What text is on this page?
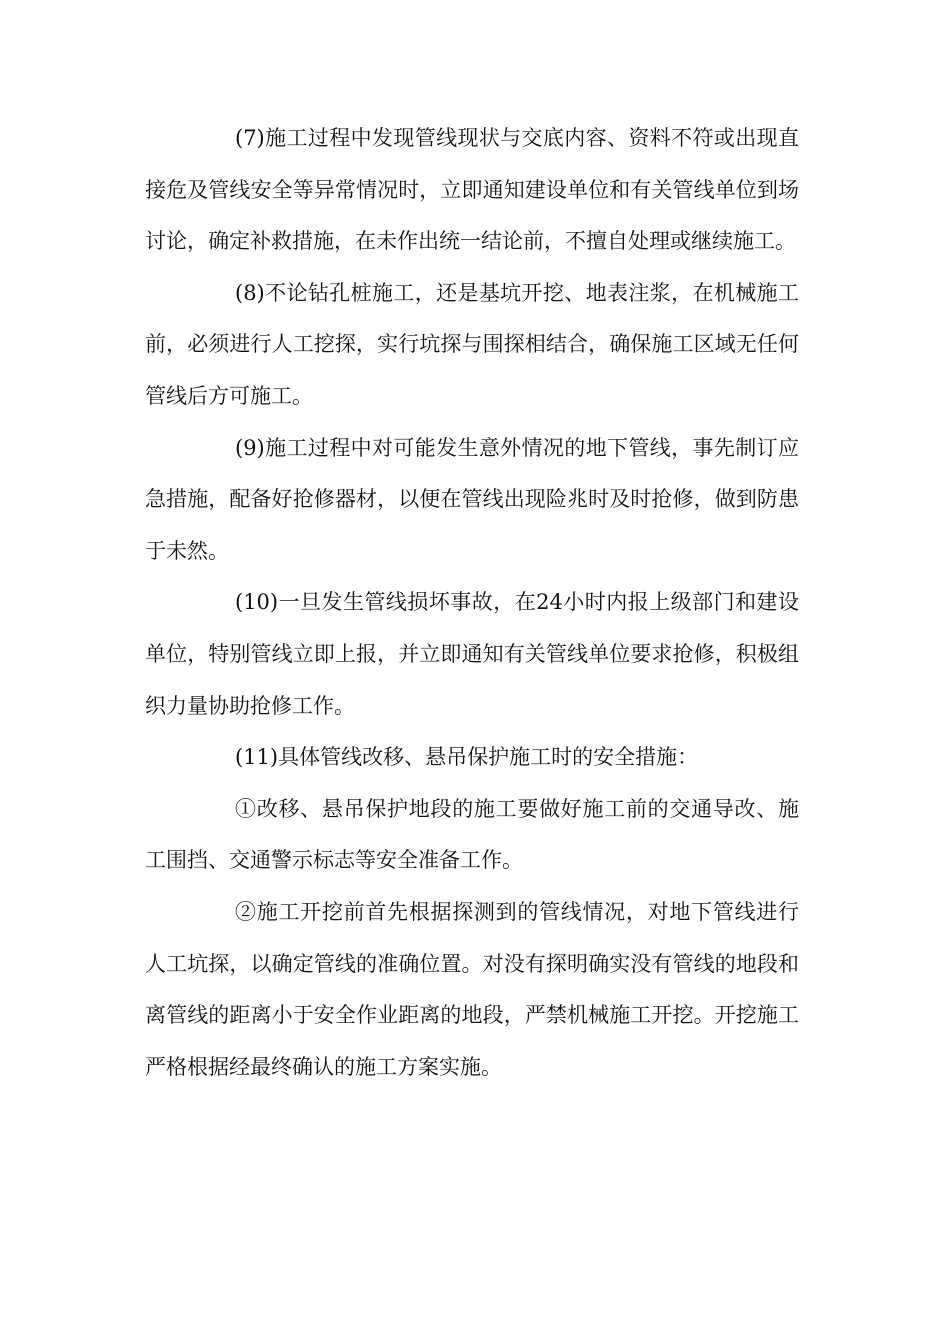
(7)施工过程中发现管线现状与交底内容、资料不符或出现直接危及管线安全等异常情况时，立即通知建设单位和有关管线单位到场讨论，确定补救措施，在未作出统一结论前，不擅自处理或继续施工。

(8)不论钻孔桩施工，还是基坑开挖、地表注浆，在机械施工前，必须进行人工挖探，实行坑探与围探相结合，确保施工区域无任何管线后方可施工。

(9)施工过程中对可能发生意外情况的地下管线，事先制订应急措施，配备好抢修器材，以便在管线出现险兆时及时抢修，做到防患于未然。

(10)一旦发生管线损坏事故，在24小时内报上级部门和建设单位，特别管线立即上报，并立即通知有关管线单位要求抢修，积极组织力量协助抢修工作。

(11)具体管线改移、悬吊保护施工时的安全措施：

①改移、悬吊保护地段的施工要做好施工前的交通导改、施工围挡、交通警示标志等安全准备工作。

②施工开挖前首先根据探测到的管线情况，对地下管线进行人工坑探，以确定管线的准确位置。对没有探明确实没有管线的地段和离管线的距离小于安全作业距离的地段，严禁机械施工开挖。开挖施工严格根据经最终确认的施工方案实施。
